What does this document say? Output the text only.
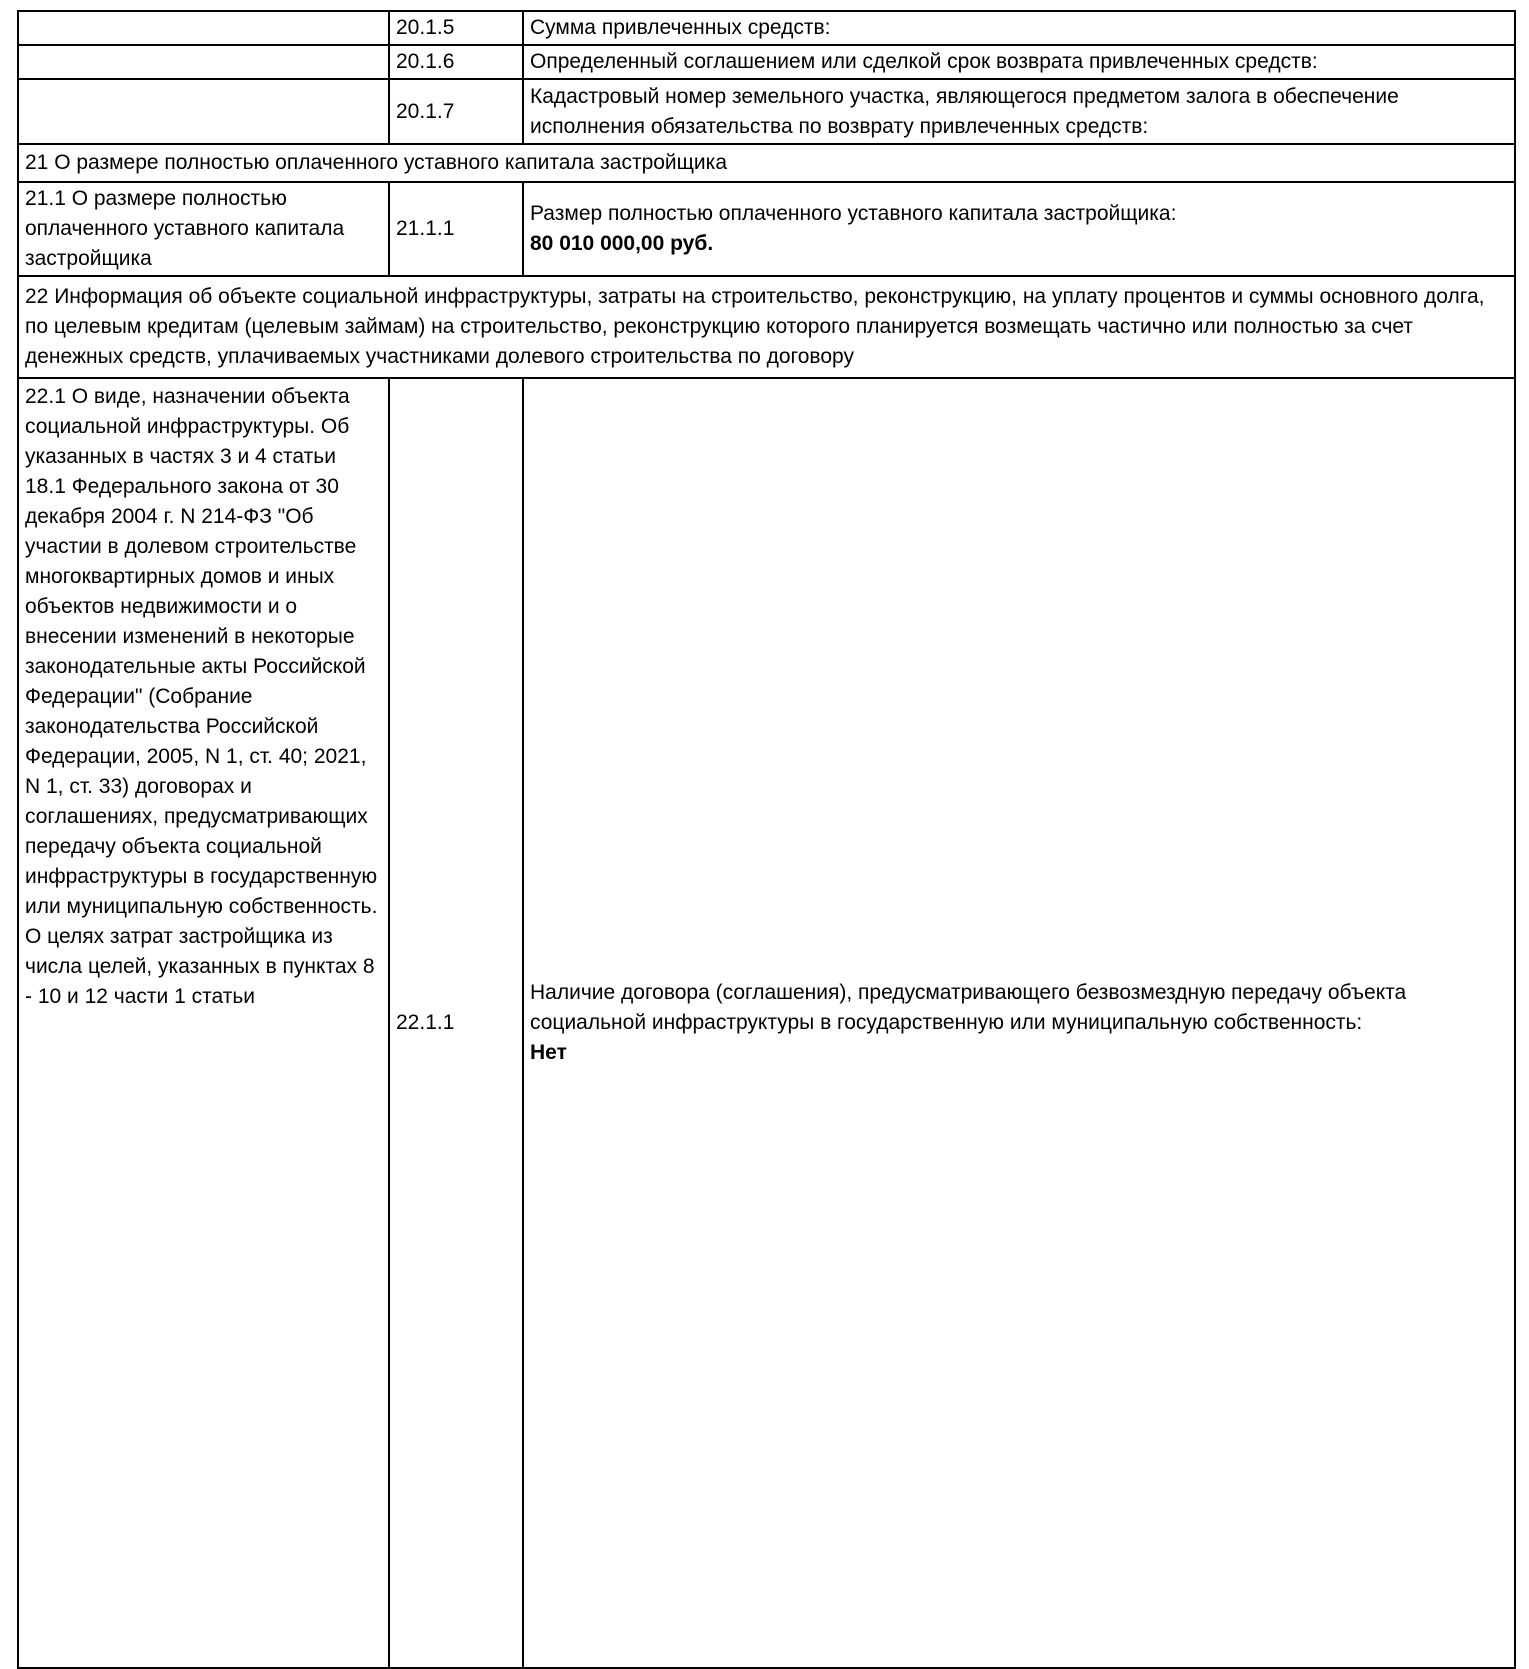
	20.1.5	Сумма привлеченных средств:
	20.1.6	Определенный соглашением или сделкой срок возврата привлеченных средств:
	20.1.7	Кадастровый номер земельного участка, являющегося предметом залога в обеспечение исполнения обязательства по возврату привлеченных средств:
21 О размере полностью оплаченного уставного капитала застройщика		
21.1 О размере полностью оплаченного уставного капитала застройщика	21.1.1	Размер полностью оплаченного уставного капитала застройщика:
80 010 000,00 руб.

22 Информация об объекте социальной инфраструктуры, затраты на строительство, реконструкцию, на уплату процентов и суммы основного долга, по целевым кредитам (целевым займам) на строительство, реконструкцию которого планируется возмещать частично или полностью за счет денежных средств, уплачиваемых участниками долевого строительства по договору		
22.1 О виде, назначении объекта социальной инфраструктуры. Об указанных в частях 3 и 4 статьи 18.1 Федерального закона от 30 декабря 2004 г. N 214-ФЗ "Об участии в долевом строительстве многоквартирных домов и иных объектов недвижимости и о внесении изменений в некоторые законодательные акты Российской Федерации" (Собрание законодательства Российской Федерации, 2005, N 1, ст. 40; 2021, N 1, ст. 33) договорах и соглашениях, предусматривающих передачу объекта социальной инфраструктуры в государственную или муниципальную собственность. О целях затрат застройщика из числа целей, указанных в пунктах 8 - 10 и 12 части 1 статьи	22.1.1	Наличие договора (соглашения), предусматривающего безвозмездную передачу объекта социальной инфраструктуры в государственную или муниципальную собственность:
Нет
